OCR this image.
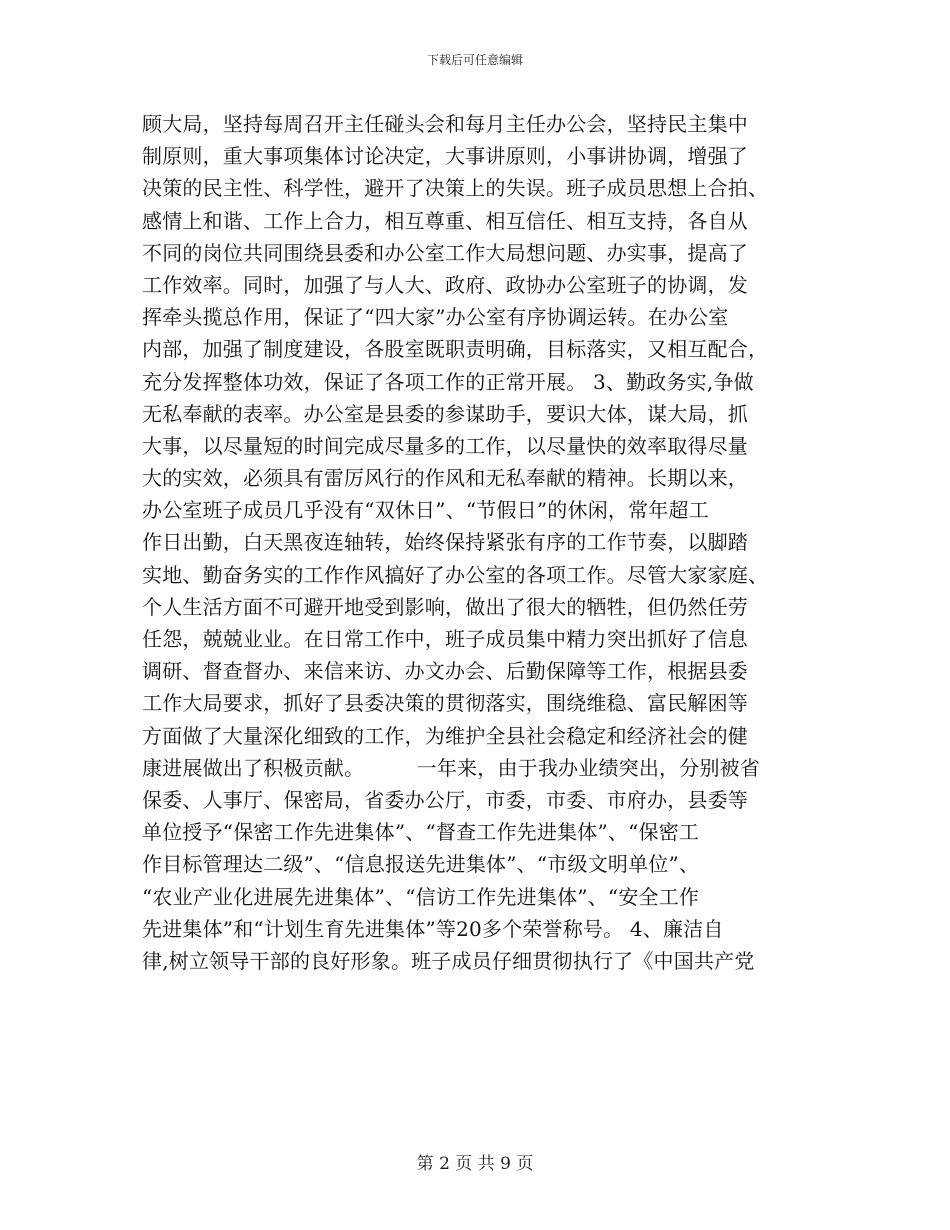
下载后可任意编辑
顾大局，坚持每周召开主任碰头会和每月主任办公会，坚持民主集中
制原则，重大事项集体讨论决定，大事讲原则，小事讲协调，增强了
决策的民主性、科学性，避开了决策上的失误。班子成员思想上合拍、
感情上和谐、工作上合力，相互尊重、相互信任、相互支持，各自从
不同的岗位共同围绕县委和办公室工作大局想问题、办实事，提高了
工作效率。同时，加强了与人大、政府、政协办公室班子的协调，发
挥牵头揽总作用，保证了“四大家”办公室有序协调运转。在办公室
内部，加强了制度建设，各股室既职责明确，目标落实，又相互配合，
充分发挥整体功效，保证了各项工作的正常开展。 3、勤政务实,争做
无私奉献的表率。办公室是县委的参谋助手，要识大体，谋大局，抓
大事，以尽量短的时间完成尽量多的工作，以尽量快的效率取得尽量
大的实效，必须具有雷厉风行的作风和无私奉献的精神。长期以来，
办公室班子成员几乎没有“双休日”、“节假日”的休闲，常年超工
作日出勤，白天黑夜连轴转，始终保持紧张有序的工作节奏，以脚踏
实地、勤奋务实的工作作风搞好了办公室的各项工作。尽管大家家庭、
个人生活方面不可避开地受到影响，做出了很大的牺牲，但仍然任劳
任怨，兢兢业业。在日常工作中，班子成员集中精力突出抓好了信息
调研、督查督办、来信来访、办文办会、后勤保障等工作，根据县委
工作大局要求，抓好了县委决策的贯彻落实，围绕维稳、富民解困等
方面做了大量深化细致的工作，为维护全县社会稳定和经济社会的健
康进展做出了积极贡献。        一年来，由于我办业绩突出，分别被省
保委、人事厅、保密局，省委办公厅，市委，市委、市府办，县委等
单位授予“保密工作先进集体”、“督查工作先进集体”、“保密工
作目标管理达二级”、“信息报送先进集体”、“市级文明单位”、
“农业产业化进展先进集体”、“信访工作先进集体”、“安全工作
先进集体”和“计划生育先进集体”等20多个荣誉称号。 4、廉洁自
律,树立领导干部的良好形象。班子成员仔细贯彻执行了《中国共产党
第 2 页 共 9 页
